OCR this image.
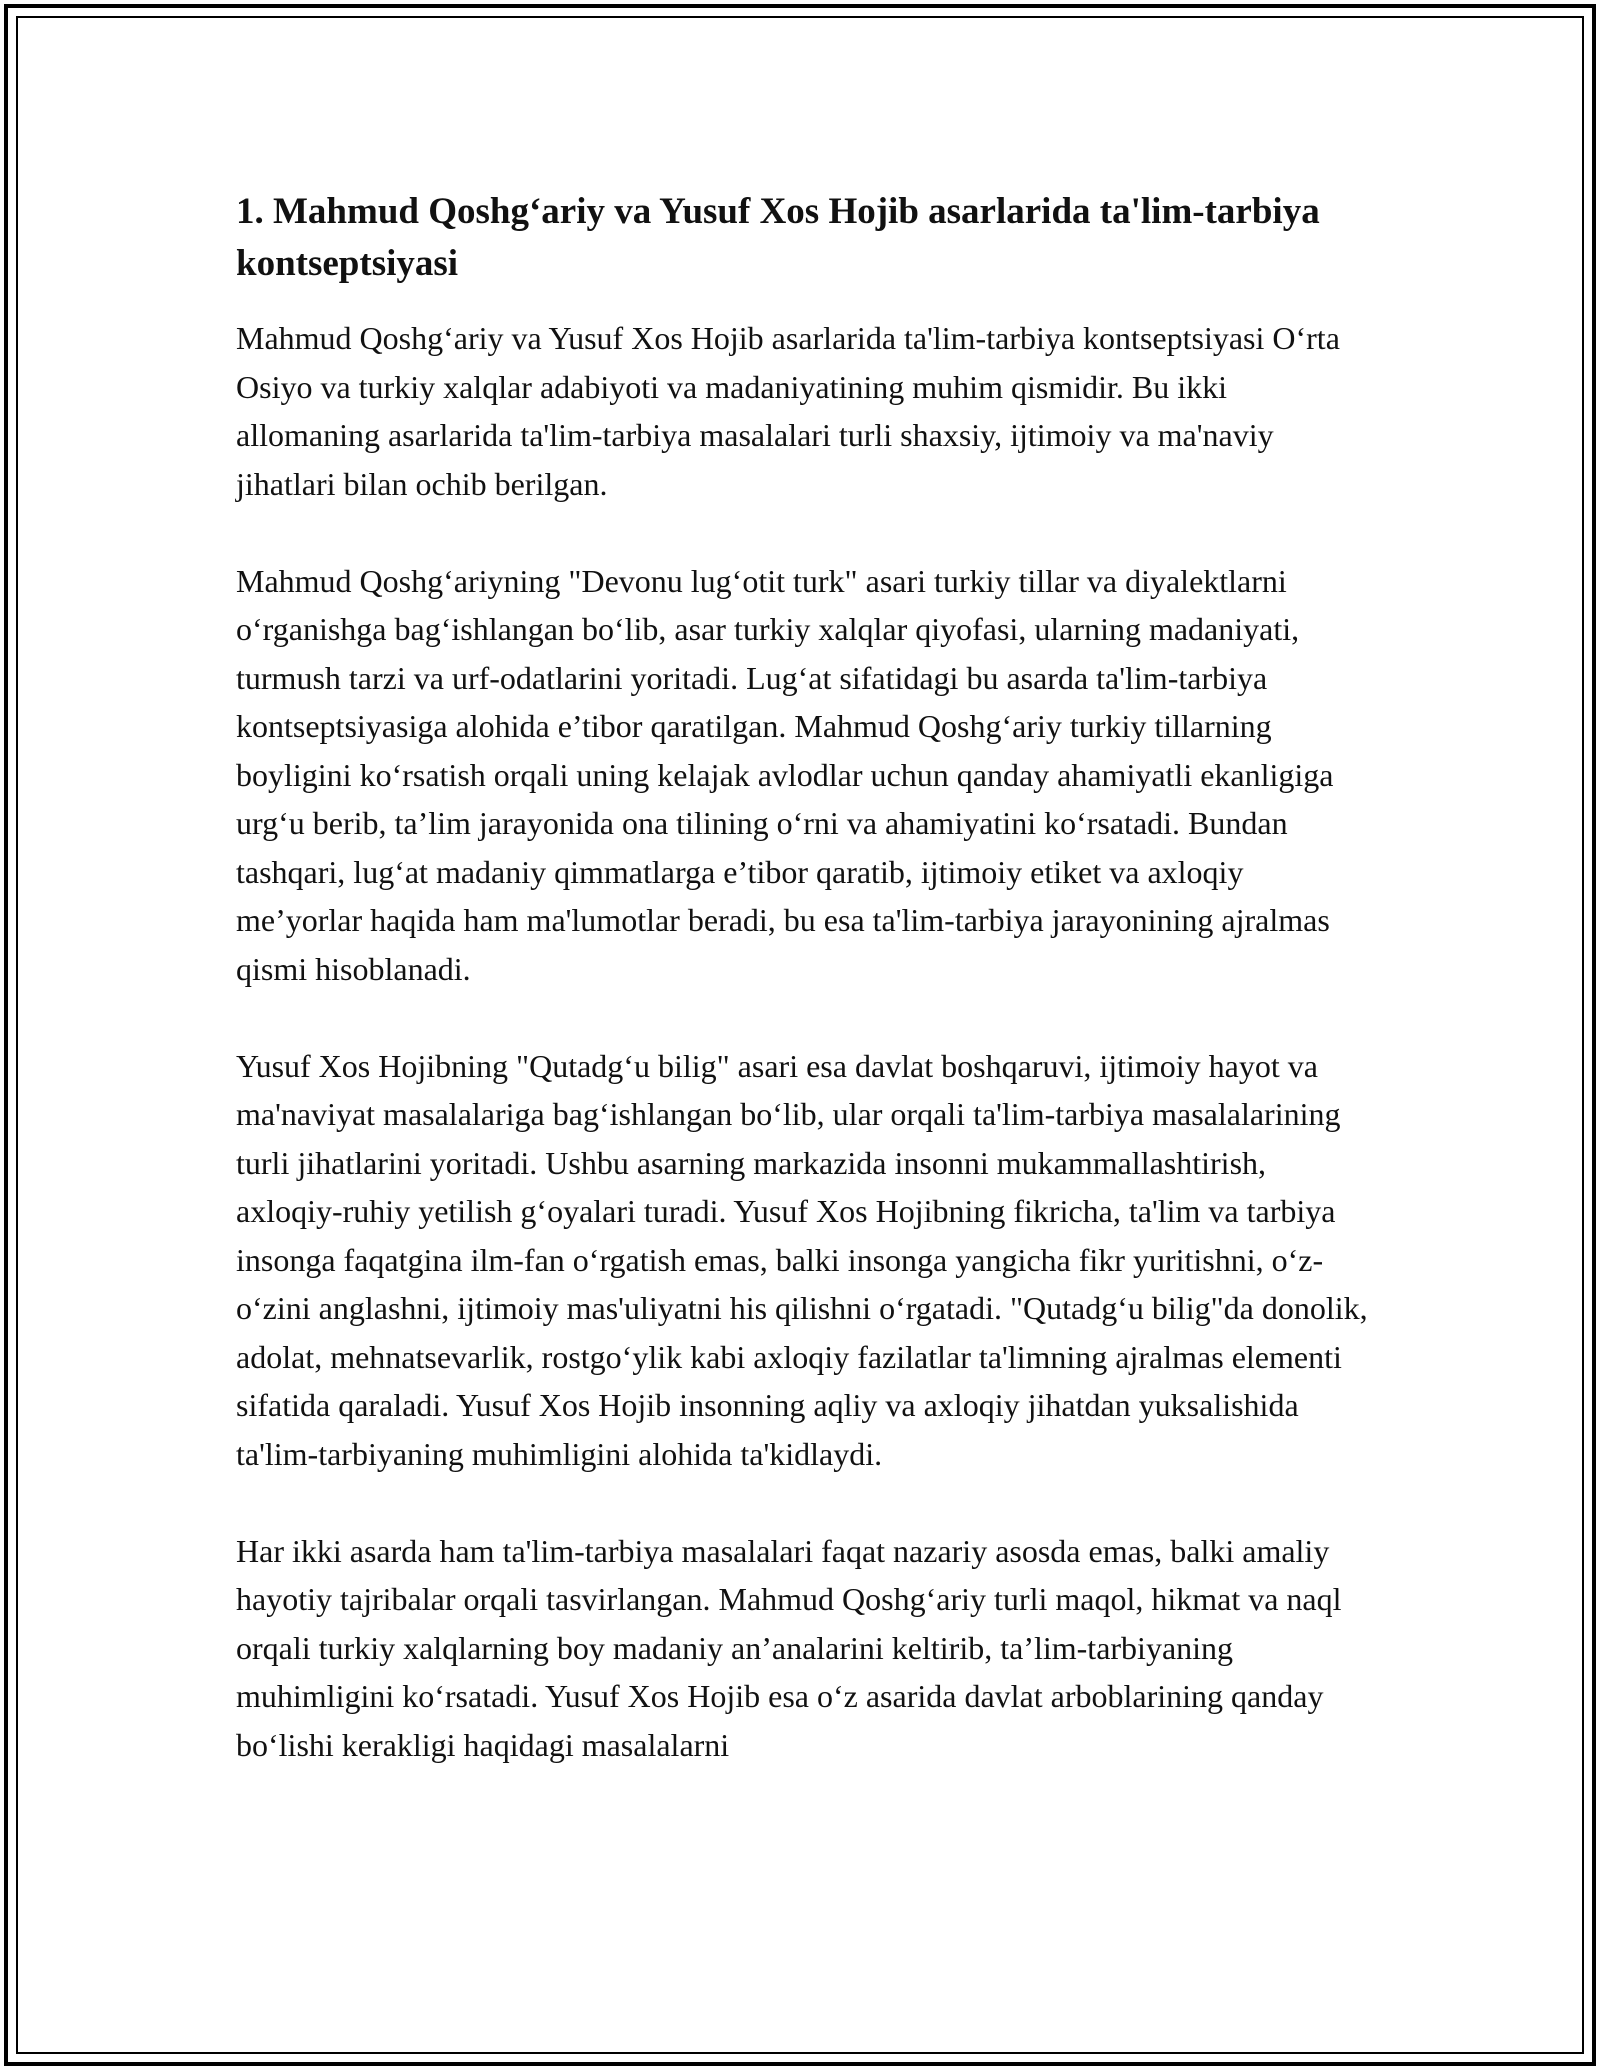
1. Mahmud Qoshg‘ariy va Yusuf Xos Hojib asarlarida ta'lim-tarbiya kontseptsiyasi

Mahmud Qoshg‘ariy va Yusuf Xos Hojib asarlarida ta'lim-tarbiya kontseptsiyasi O‘rta Osiyo va turkiy xalqlar adabiyoti va madaniyatining muhim qismidir. Bu ikki allomaning asarlarida ta'lim-tarbiya masalalari turli shaxsiy, ijtimoiy va ma'naviy jihatlari bilan ochib berilgan.

Mahmud Qoshg‘ariyning "Devonu lug‘otit turk" asari turkiy tillar va diyalektlarni o‘rganishga bag‘ishlangan bo‘lib, asar turkiy xalqlar qiyofasi, ularning madaniyati, turmush tarzi va urf-odatlarini yoritadi. Lug‘at sifatidagi bu asarda ta'lim-tarbiya kontseptsiyasiga alohida e’tibor qaratilgan. Mahmud Qoshg‘ariy turkiy tillarning boyligini ko‘rsatish orqali uning kelajak avlodlar uchun qanday ahamiyatli ekanligiga urg‘u berib, ta’lim jarayonida ona tilining o‘rni va ahamiyatini ko‘rsatadi. Bundan tashqari, lug‘at madaniy qimmatlarga e’tibor qaratib, ijtimoiy etiket va axloqiy me’yorlar haqida ham ma'lumotlar beradi, bu esa ta'lim-tarbiya jarayonining ajralmas qismi hisoblanadi.

Yusuf Xos Hojibning "Qutadg‘u bilig" asari esa davlat boshqaruvi, ijtimoiy hayot va ma'naviyat masalalariga bag‘ishlangan bo‘lib, ular orqali ta'lim-tarbiya masalalarining turli jihatlarini yoritadi. Ushbu asarning markazida insonni mukammallashtirish, axloqiy-ruhiy yetilish g‘oyalari turadi. Yusuf Xos Hojibning fikricha, ta'lim va tarbiya insonga faqatgina ilm-fan o‘rgatish emas, balki insonga yangicha fikr yuritishni, o‘z-o‘zini anglashni, ijtimoiy mas'uliyatni his qilishni o‘rgatadi. "Qutadg‘u bilig"da donolik, adolat, mehnatsevarlik, rostgo‘ylik kabi axloqiy fazilatlar ta'limning ajralmas elementi sifatida qaraladi. Yusuf Xos Hojib insonning aqliy va axloqiy jihatdan yuksalishida ta'lim-tarbiyaning muhimligini alohida ta'kidlaydi.

Har ikki asarda ham ta'lim-tarbiya masalalari faqat nazariy asosda emas, balki amaliy hayotiy tajribalar orqali tasvirlangan. Mahmud Qoshg‘ariy turli maqol, hikmat va naql orqali turkiy xalqlarning boy madaniy an’analarini keltirib, ta’lim-tarbiyaning muhimligini ko‘rsatadi. Yusuf Xos Hojib esa o‘z asarida davlat arboblarining qanday bo‘lishi kerakligi haqidagi masalalarni
